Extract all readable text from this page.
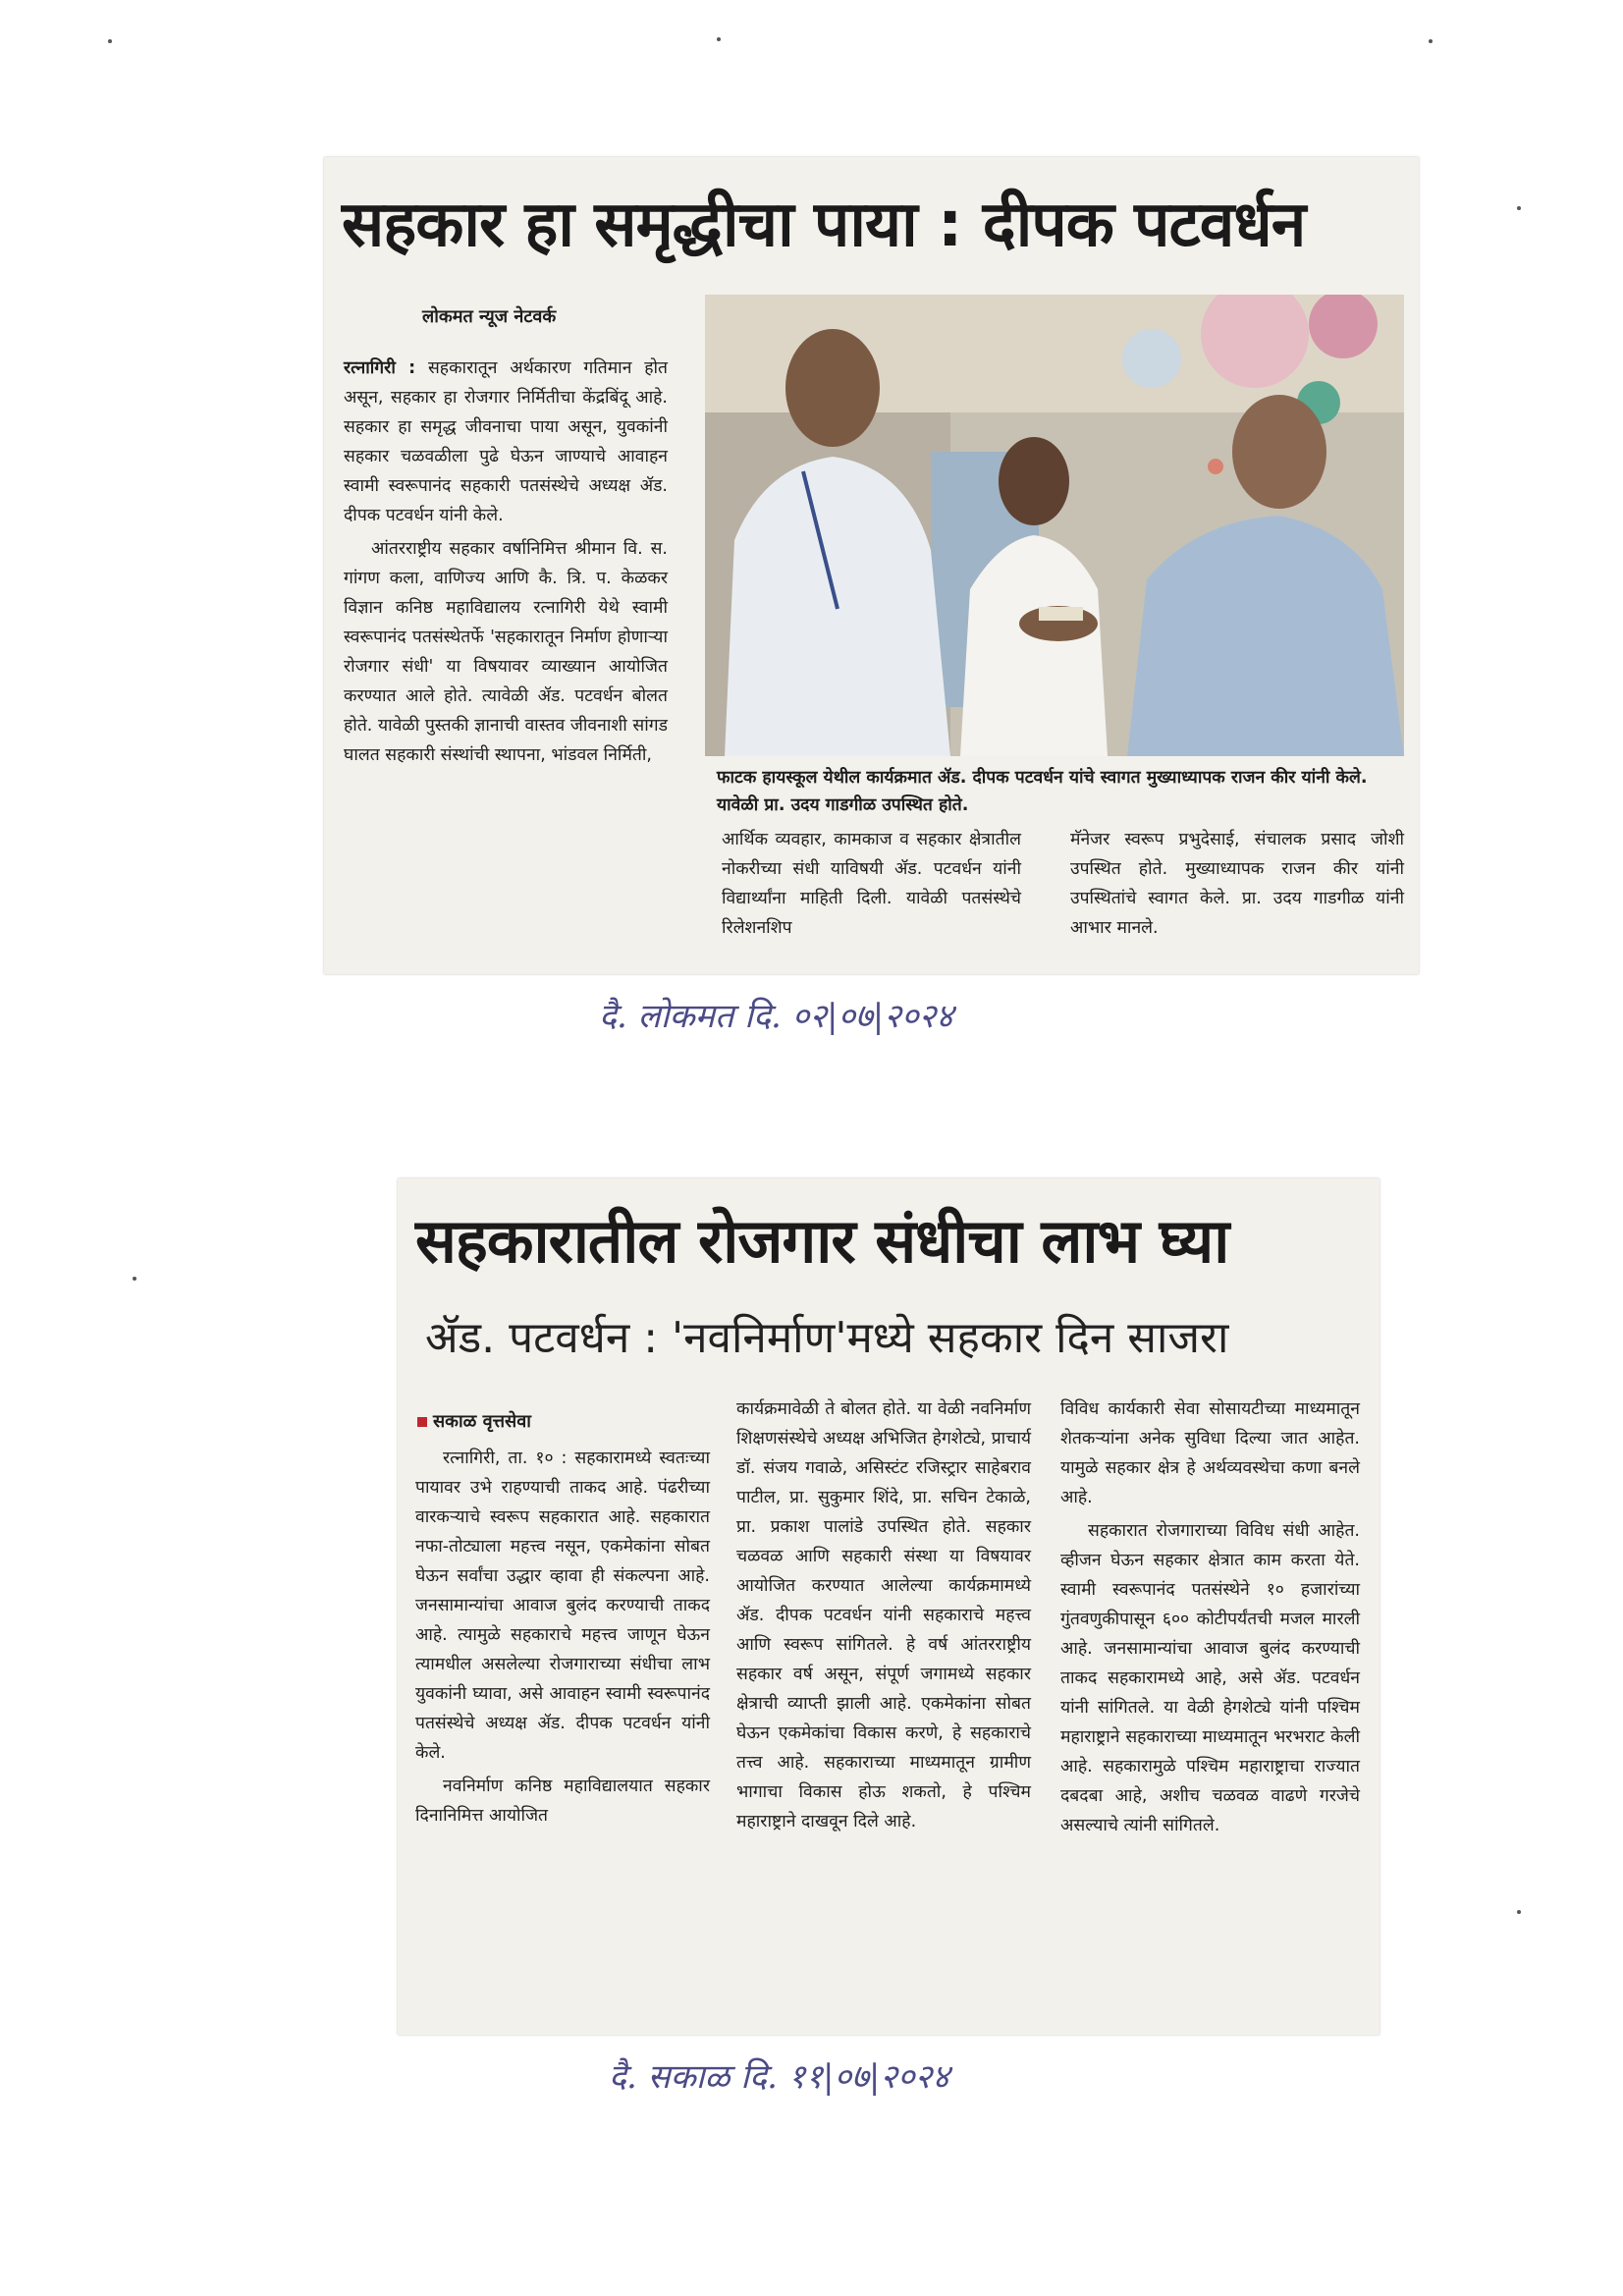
सहकार हा समृद्धीचा पाया : दीपक पटवर्धन
लोकमत न्यूज नेटवर्क

रत्नागिरी : सहकारातून अर्थकारण गतिमान होत असून, सहकार हा रोजगार निर्मितीचा केंद्रबिंदू आहे. सहकार हा समृद्ध जीवनाचा पाया असून, युवकांनी सहकार चळवळीला पुढे घेऊन जाण्याचे आवाहन स्वामी स्वरूपानंद सहकारी पतसंस्थेचे अध्यक्ष ॲड. दीपक पटवर्धन यांनी केले.

आंतरराष्ट्रीय सहकार वर्षानिमित्त श्रीमान वि. स. गांगण कला, वाणिज्य आणि कै. त्रि. प. केळकर विज्ञान कनिष्ठ महाविद्यालय रत्नागिरी येथे स्वामी स्वरूपानंद पतसंस्थेतर्फे 'सहकारातून निर्माण होणाऱ्या रोजगार संधी' या विषयावर व्याख्यान आयोजित करण्यात आले होते. त्यावेळी ॲड. पटवर्धन बोलत होते. यावेळी पुस्तकी ज्ञानाची वास्तव जीवनाशी सांगड घालत सहकारी संस्थांची स्थापना, भांडवल निर्मिती,

फाटक हायस्कूल येथील कार्यक्रमात ॲड. दीपक पटवर्धन यांचे स्वागत मुख्याध्यापक राजन कीर यांनी केले. यावेळी प्रा. उदय गाडगीळ उपस्थित होते.

आर्थिक व्यवहार, कामकाज व सहकार क्षेत्रातील नोकरीच्या संधी याविषयी ॲड. पटवर्धन यांनी विद्यार्थ्यांना माहिती दिली. यावेळी पतसंस्थेचे रिलेशनशिप

मॅनेजर स्वरूप प्रभुदेसाई, संचालक प्रसाद जोशी उपस्थित होते. मुख्याध्यापक राजन कीर यांनी उपस्थितांचे स्वागत केले. प्रा. उदय गाडगीळ यांनी आभार मानले.

दै. लोकमत दि. ०२|०७|२०२४
सहकारातील रोजगार संधीचा लाभ घ्या
ॲड. पटवर्धन : 'नवनिर्माण'मध्ये सहकार दिन साजरा
सकाळ वृत्तसेवा

रत्नागिरी, ता. १० : सहकारामध्ये स्वतःच्या पायावर उभे राहण्याची ताकद आहे. पंढरीच्या वारकऱ्याचे स्वरूप सहकारात आहे. सहकारात नफा-तोट्याला महत्त्व नसून, एकमेकांना सोबत घेऊन सर्वांचा उद्धार व्हावा ही संकल्पना आहे. जनसामान्यांचा आवाज बुलंद करण्याची ताकद आहे. त्यामुळे सहकाराचे महत्त्व जाणून घेऊन त्यामधील असलेल्या रोजगाराच्या संधीचा लाभ युवकांनी घ्यावा, असे आवाहन स्वामी स्वरूपानंद पतसंस्थेचे अध्यक्ष ॲड. दीपक पटवर्धन यांनी केले.

नवनिर्माण कनिष्ठ महाविद्यालयात सहकार दिनानिमित्त आयोजित

कार्यक्रमावेळी ते बोलत होते. या वेळी नवनिर्माण शिक्षणसंस्थेचे अध्यक्ष अभिजित हेगशेट्ये, प्राचार्य डॉ. संजय गवाळे, असिस्टंट रजिस्ट्रार साहेबराव पाटील, प्रा. सुकुमार शिंदे, प्रा. सचिन टेकाळे, प्रा. प्रकाश पालांडे उपस्थित होते. सहकार चळवळ आणि सहकारी संस्था या विषयावर आयोजित करण्यात आलेल्या कार्यक्रमामध्ये ॲड. दीपक पटवर्धन यांनी सहकाराचे महत्त्व आणि स्वरूप सांगितले. हे वर्ष आंतरराष्ट्रीय सहकार वर्ष असून, संपूर्ण जगामध्ये सहकार क्षेत्राची व्याप्ती झाली आहे. एकमेकांना सोबत घेऊन एकमेकांचा विकास करणे, हे सहकाराचे तत्त्व आहे. सहकाराच्या माध्यमातून ग्रामीण भागाचा विकास होऊ शकतो, हे पश्चिम महाराष्ट्राने दाखवून दिले आहे.

विविध कार्यकारी सेवा सोसायटीच्या माध्यमातून शेतकऱ्यांना अनेक सुविधा दिल्या जात आहेत. यामुळे सहकार क्षेत्र हे अर्थव्यवस्थेचा कणा बनले आहे.

सहकारात रोजगाराच्या विविध संधी आहेत. व्हीजन घेऊन सहकार क्षेत्रात काम करता येते. स्वामी स्वरूपानंद पतसंस्थेने १० हजारांच्या गुंतवणुकीपासून ६०० कोटीपर्यंतची मजल मारली आहे. जनसामान्यांचा आवाज बुलंद करण्याची ताकद सहकारामध्ये आहे, असे ॲड. पटवर्धन यांनी सांगितले. या वेळी हेगशेट्ये यांनी पश्चिम महाराष्ट्राने सहकाराच्या माध्यमातून भरभराट केली आहे. सहकारामुळे पश्चिम महाराष्ट्राचा राज्यात दबदबा आहे, अशीच चळवळ वाढणे गरजेचे असल्याचे त्यांनी सांगितले.

दै. सकाळ दि. ११|०७|२०२४
